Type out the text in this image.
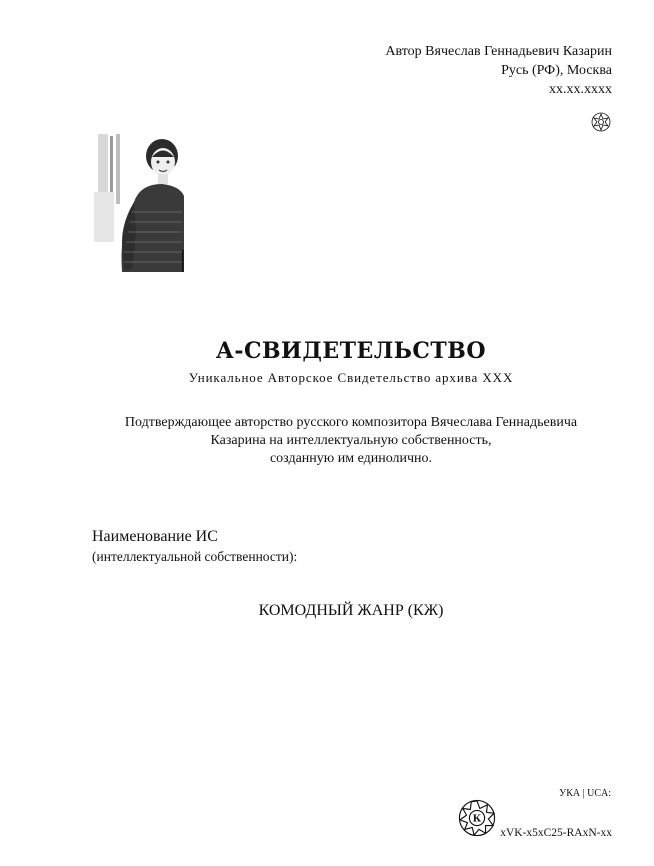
Автор Вячеслав Геннадьевич Казарин
Русь (РФ), Москва
xx.xx.xxxx
А-СВИДЕТЕЛЬСТВО
Уникальное Авторское Свидетельство архива XXX
Подтверждающее авторство русского композитора Вячеслава Геннадьевича
Казарина на интеллектуальную собственность,
созданную им единолично.
Наименование ИС
(интеллектуальной собственности):
КОМОДНЫЙ ЖАНР (КЖ)
УКА | UCA:
К
xVK-x5xC25-RAxN-xx
